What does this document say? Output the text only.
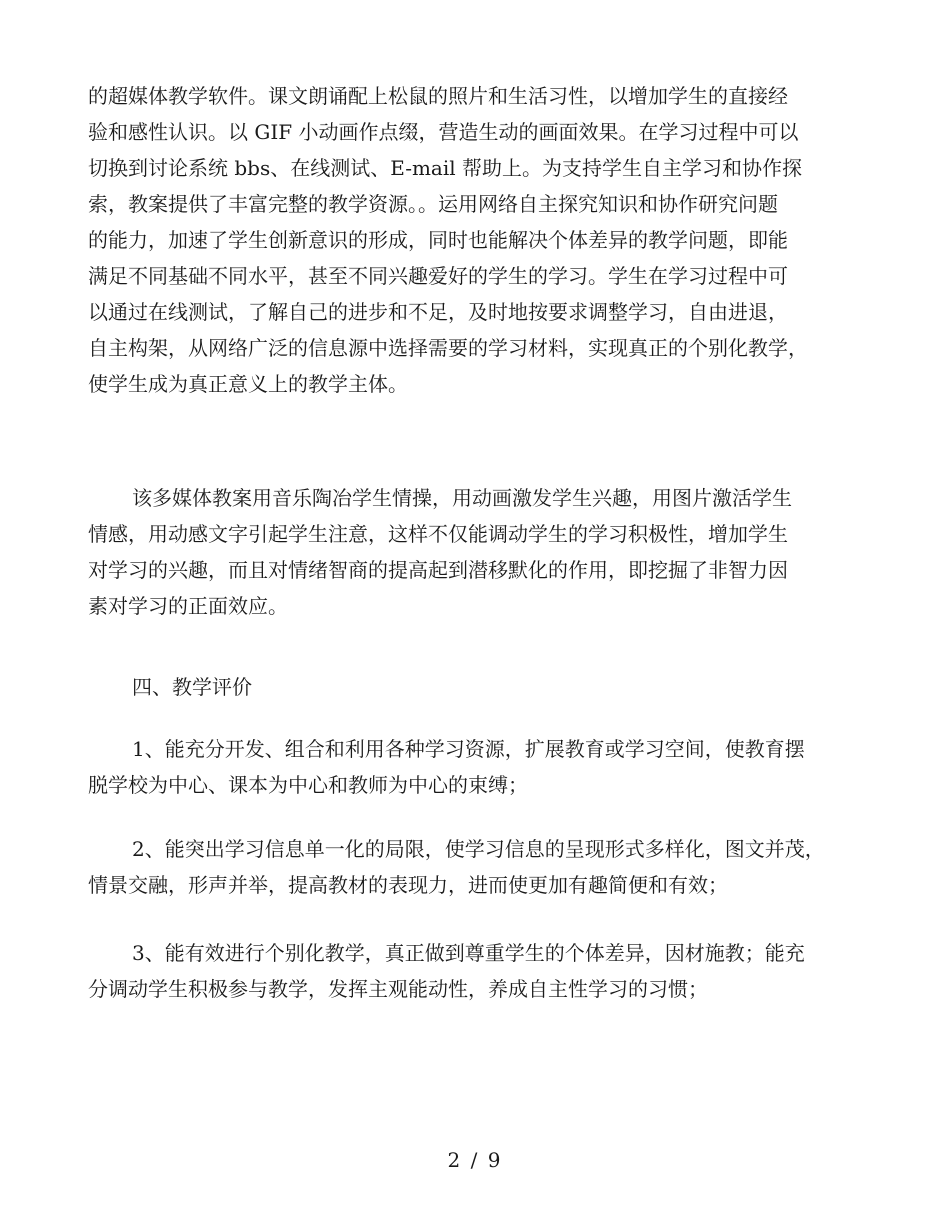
的超媒体教学软件。课文朗诵配上松鼠的照片和生活习性，以增加学生的直接经
验和感性认识。以 GIF 小动画作点缀，营造生动的画面效果。在学习过程中可以
切换到讨论系统 bbs、在线测试、E-mail 帮助上。为支持学生自主学习和协作探
索，教案提供了丰富完整的教学资源。。运用网络自主探究知识和协作研究问题
的能力，加速了学生创新意识的形成，同时也能解决个体差异的教学问题，即能
满足不同基础不同水平，甚至不同兴趣爱好的学生的学习。学生在学习过程中可
以通过在线测试，了解自己的进步和不足，及时地按要求调整学习，自由进退，
自主构架，从网络广泛的信息源中选择需要的学习材料，实现真正的个别化教学，
使学生成为真正意义上的教学主体。
该多媒体教案用音乐陶冶学生情操，用动画激发学生兴趣，用图片激活学生
情感，用动感文字引起学生注意，这样不仅能调动学生的学习积极性，增加学生
对学习的兴趣，而且对情绪智商的提高起到潜移默化的作用，即挖掘了非智力因
素对学习的正面效应。
四、教学评价
1、能充分开发、组合和利用各种学习资源，扩展教育或学习空间，使教育摆
脱学校为中心、课本为中心和教师为中心的束缚；
2、能突出学习信息单一化的局限，使学习信息的呈现形式多样化，图文并茂，
情景交融，形声并举，提高教材的表现力，进而使更加有趣简便和有效；
3、能有效进行个别化教学，真正做到尊重学生的个体差异，因材施教；能充
分调动学生积极参与教学，发挥主观能动性，养成自主性学习的习惯；
2 / 9
